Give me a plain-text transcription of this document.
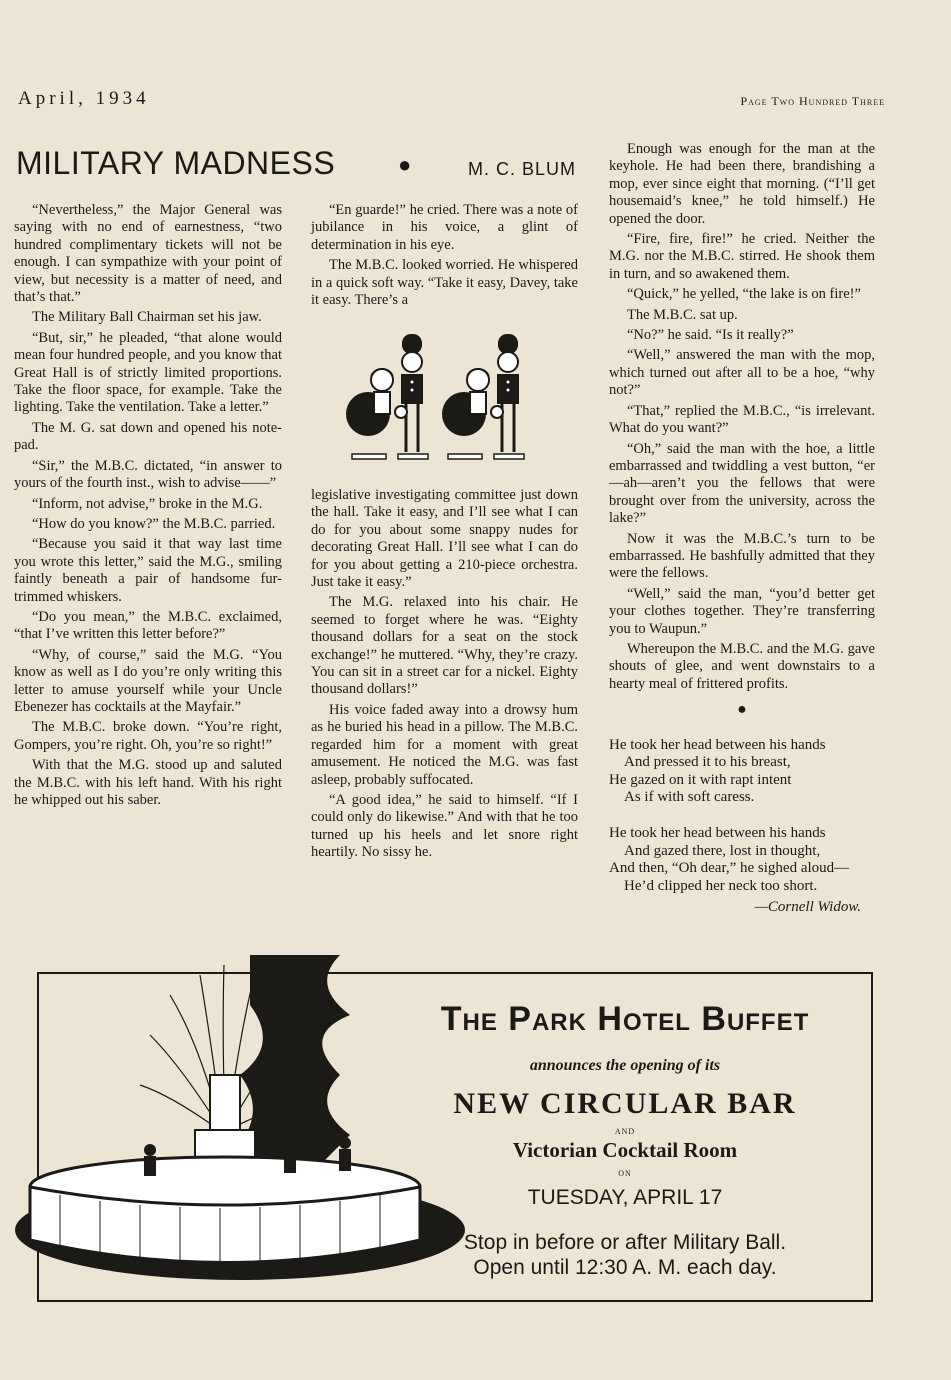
April, 1934	Page Two Hundred Three
MILITARY MADNESS	●	M. C. BLUM

“Nevertheless,” the Major General was saying with no end of earnestness, “two hundred complimentary tickets will not be enough. I can sympathize with your point of view, but necessity is a matter of need, and that’s that.”

The Military Ball Chairman set his jaw.

“But, sir,” he pleaded, “that alone would mean four hundred people, and you know that Great Hall is of strictly limited proportions. Take the floor space, for example. Take the lighting. Take the ventilation. Take a letter.”

The M. G. sat down and opened his note-pad.

“Sir,” the M.B.C. dictated, “in answer to yours of the fourth inst., wish to advise——”

“Inform, not advise,” broke in the M.G.

“How do you know?” the M.B.C. parried.

“Because you said it that way last time you wrote this letter,” said the M.G., smiling faintly beneath a pair of handsome fur-trimmed whiskers.

“Do you mean,” the M.B.C. exclaimed, “that I’ve written this letter before?”

“Why, of course,” said the M.G. “You know as well as I do you’re only writing this letter to amuse yourself while your Uncle Ebenezer has cocktails at the Mayfair.”

The M.B.C. broke down. “You’re right, Gompers, you’re right. Oh, you’re so right!”

With that the M.G. stood up and saluted the M.B.C. with his left hand. With his right he whipped out his saber.

“En guarde!” he cried. There was a note of jubilance in his voice, a glint of determination in his eye.

The M.B.C. looked worried. He whispered in a quick soft way. “Take it easy, Davey, take it easy. There’s a

legislative investigating committee just down the hall. Take it easy, and I’ll see what I can do for you about some snappy nudes for decorating Great Hall. I’ll see what I can do for you about getting a 210-piece orchestra. Just take it easy.”

The M.G. relaxed into his chair. He seemed to forget where he was. “Eighty thousand dollars for a seat on the stock exchange!” he muttered. “Why, they’re crazy. You can sit in a street car for a nickel. Eighty thousand dollars!”

His voice faded away into a drowsy hum as he buried his head in a pillow. The M.B.C. regarded him for a moment with great amusement. He noticed the M.G. was fast asleep, probably suffocated.

“A good idea,” he said to himself. “If I could only do likewise.” And with that he too turned up his heels and let snore right heartily. No sissy he.

Enough was enough for the man at the keyhole. He had been there, brandishing a mop, ever since eight that morning. (“I’ll get housemaid’s knee,” he told himself.) He opened the door.

“Fire, fire, fire!” he cried. Neither the M.G. nor the M.B.C. stirred. He shook them in turn, and so awakened them.

“Quick,” he yelled, “the lake is on fire!”

The M.B.C. sat up.

“No?” he said. “Is it really?”

“Well,” answered the man with the mop, which turned out after all to be a hoe, “why not?”

“That,” replied the M.B.C., “is irrelevant. What do you want?”

“Oh,” said the man with the hoe, a little embarrassed and twiddling a vest button, “er—ah—aren’t you the fellows that were brought over from the university, across the lake?”

Now it was the M.B.C.’s turn to be embarrassed. He bashfully admitted that they were the fellows.

“Well,” said the man, “you’d better get your clothes together. They’re transferring you to Waupun.”

Whereupon the M.B.C. and the M.G. gave shouts of glee, and went downstairs to a hearty meal of frittered profits.

●
He took her head between his hands
And pressed it to his breast,
He gazed on it with rapt intent
As if with soft caress.
He took her head between his hands
And gazed there, lost in thought,
And then, “Oh dear,” he sighed aloud—
He’d clipped her neck too short.
—Cornell Widow.
The Park Hotel Buffet
announces the opening of its
NEW CIRCULAR BAR
AND
Victorian Cocktail Room
ON
TUESDAY, APRIL 17
Stop in before or after Military Ball.
Open until 12:30 A. M. each day.
